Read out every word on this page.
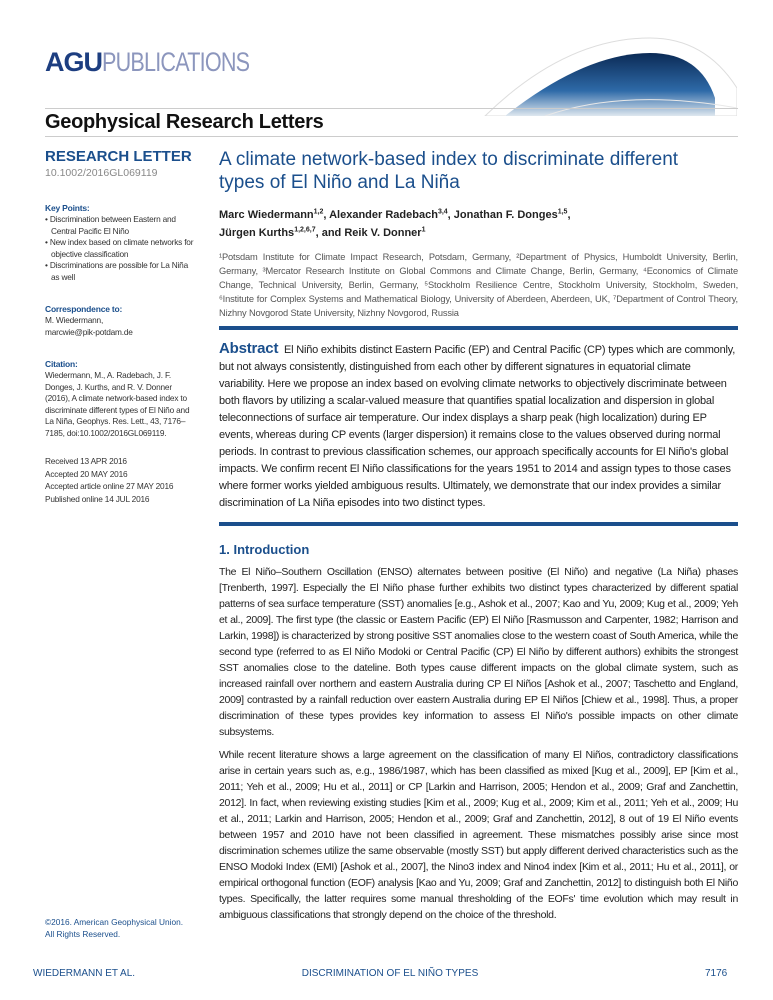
AGUPUBLICATIONS
Geophysical Research Letters
RESEARCH LETTER
10.1002/2016GL069119
Key Points:
• Discrimination between Eastern and Central Pacific El Niño
• New index based on climate networks for objective classification
• Discriminations are possible for La Niña as well
Correspondence to:
M. Wiedermann,
marcwie@pik-potdam.de
Citation:
Wiedermann, M., A. Radebach, J. F. Donges, J. Kurths, and R. V. Donner (2016), A climate network-based index to discriminate different types of El Niño and La Niña, Geophys. Res. Lett., 43, 7176–7185, doi:10.1002/2016GL069119.
Received 13 APR 2016
Accepted 20 MAY 2016
Accepted article online 27 MAY 2016
Published online 14 JUL 2016
A climate network-based index to discriminate different types of El Niño and La Niña
Marc Wiedermann$^{1,2}$, Alexander Radebach$^{3,4}$, Jonathan F. Donges$^{1,5}$,
Jürgen Kurths$^{1,2,6,7}$, and Reik V. Donner$^1$
¹Potsdam Institute for Climate Impact Research, Potsdam, Germany, ²Department of Physics, Humboldt University, Berlin, Germany, ³Mercator Research Institute on Global Commons and Climate Change, Berlin, Germany, ⁴Economics of Climate Change, Technical University, Berlin, Germany, ⁵Stockholm Resilience Centre, Stockholm University, Stockholm, Sweden, ⁶Institute for Complex Systems and Mathematical Biology, University of Aberdeen, Aberdeen, UK, ⁷Department of Control Theory, Nizhny Novgorod State University, Nizhny Novgorod, Russia
Abstract El Niño exhibits distinct Eastern Pacific (EP) and Central Pacific (CP) types which are commonly, but not always consistently, distinguished from each other by different signatures in equatorial climate variability. Here we propose an index based on evolving climate networks to objectively discriminate between both flavors by utilizing a scalar-valued measure that quantifies spatial localization and dispersion in global teleconnections of surface air temperature. Our index displays a sharp peak (high localization) during EP events, whereas during CP events (larger dispersion) it remains close to the values observed during normal periods. In contrast to previous classification schemes, our approach specifically accounts for El Niño's global impacts. We confirm recent El Niño classifications for the years 1951 to 2014 and assign types to those cases where former works yielded ambiguous results. Ultimately, we demonstrate that our index provides a similar discrimination of La Niña episodes into two distinct types.
1. Introduction
The El Niño–Southern Oscillation (ENSO) alternates between positive (El Niño) and negative (La Niña) phases [Trenberth, 1997]. Especially the El Niño phase further exhibits two distinct types characterized by different spatial patterns of sea surface temperature (SST) anomalies [e.g., Ashok et al., 2007; Kao and Yu, 2009; Kug et al., 2009; Yeh et al., 2009]. The first type (the classic or Eastern Pacific (EP) El Niño [Rasmusson and Carpenter, 1982; Harrison and Larkin, 1998]) is characterized by strong positive SST anomalies close to the western coast of South America, while the second type (referred to as El Niño Modoki or Central Pacific (CP) El Niño by different authors) exhibits the strongest SST anomalies close to the dateline. Both types cause different impacts on the global climate system, such as increased rainfall over northern and eastern Australia during CP El Niños [Ashok et al., 2007; Taschetto and England, 2009] contrasted by a rainfall reduction over eastern Australia during EP El Niños [Chiew et al., 1998]. Thus, a proper discrimination of these types provides key information to assess El Niño's possible impacts on other climate subsystems.
While recent literature shows a large agreement on the classification of many El Niños, contradictory classifications arise in certain years such as, e.g., 1986/1987, which has been classified as mixed [Kug et al., 2009], EP [Kim et al., 2011; Yeh et al., 2009; Hu et al., 2011] or CP [Larkin and Harrison, 2005; Hendon et al., 2009; Graf and Zanchettin, 2012]. In fact, when reviewing existing studies [Kim et al., 2009; Kug et al., 2009; Kim et al., 2011; Yeh et al., 2009; Hu et al., 2011; Larkin and Harrison, 2005; Hendon et al., 2009; Graf and Zanchettin, 2012], 8 out of 19 El Niño events between 1957 and 2010 have not been classified in agreement. These mismatches possibly arise since most discrimination schemes utilize the same observable (mostly SST) but apply different derived characteristics such as the ENSO Modoki Index (EMI) [Ashok et al., 2007], the Nino3 index and Nino4 index [Kim et al., 2011; Hu et al., 2011], or empirical orthogonal function (EOF) analysis [Kao and Yu, 2009; Graf and Zanchettin, 2012] to distinguish both El Niño types. Specifically, the latter requires some manual thresholding of the EOFs' time evolution which may result in ambiguous classifications that strongly depend on the choice of the threshold.
©2016. American Geophysical Union.
All Rights Reserved.
WIEDERMANN ET AL.	DISCRIMINATION OF EL NIÑO TYPES	7176
